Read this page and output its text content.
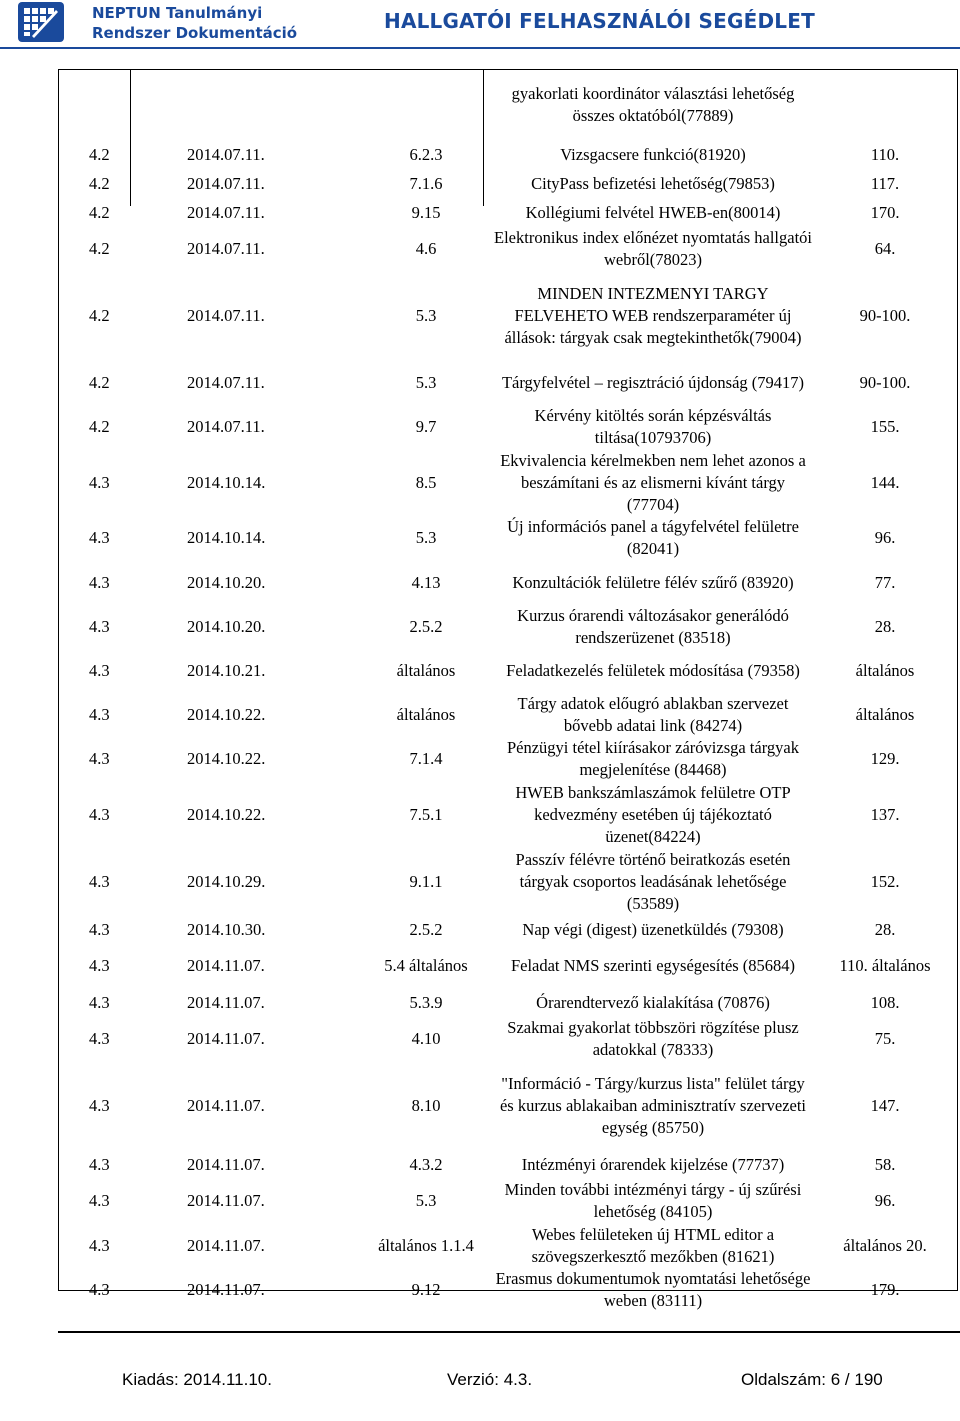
NEPTUN Tanulmányi
Rendszer Dokumentáció	HALLGATÓI FELHASZNÁLÓI SEGÉDLET
			gyakorlati koordinátor választási lehetőség összes oktatóból(77889)	
4.2	2014.07.11.	6.2.3	Vizsgacsere funkció(81920)	110.
4.2	2014.07.11.	7.1.6	CityPass befizetési lehetőség(79853)	117.
4.2	2014.07.11.	9.15	Kollégiumi felvétel HWEB-en(80014)	170.
4.2	2014.07.11.	4.6	Elektronikus index előnézet nyomtatás hallgatói webről(78023)	64.
4.2	2014.07.11.	5.3	MINDEN INTEZMENYI TARGY FELVEHETO WEB rendszerparaméter új állások: tárgyak csak megtekinthetők(79004)	90-100.
4.2	2014.07.11.	5.3	Tárgyfelvétel – regisztráció újdonság (79417)	90-100.
4.2	2014.07.11.	9.7	Kérvény kitöltés során képzésváltás tiltása(10793706)	155.
4.3	2014.10.14.	8.5	Ekvivalencia kérelmekben nem lehet azonos a beszámítani és az elismerni kívánt tárgy (77704)	144.
4.3	2014.10.14.	5.3	Új információs panel a tágyfelvétel felületre (82041)	96.
4.3	2014.10.20.	4.13	Konzultációk felületre félév szűrő (83920)	77.
4.3	2014.10.20.	2.5.2	Kurzus órarendi változásakor generálódó rendszerüzenet (83518)	28.
4.3	2014.10.21.	általános	Feladatkezelés felületek módosítása (79358)	általános
4.3	2014.10.22.	általános	Tárgy adatok előugró ablakban szervezet bővebb adatai link (84274)	általános
4.3	2014.10.22.	7.1.4	Pénzügyi tétel kiírásakor záróvizsga tárgyak megjelenítése (84468)	129.
4.3	2014.10.22.	7.5.1	HWEB bankszámlaszámok felületre OTP kedvezmény esetében új tájékoztató üzenet(84224)	137.
4.3	2014.10.29.	9.1.1	Passzív félévre történő beiratkozás esetén tárgyak csoportos leadásának lehetősége (53589)	152.
4.3	2014.10.30.	2.5.2	Nap végi (digest) üzenetküldés (79308)	28.
4.3	2014.11.07.	5.4 általános	Feladat NMS szerinti egységesítés (85684)	110. általános
4.3	2014.11.07.	5.3.9	Órarendtervező kialakítása (70876)	108.
4.3	2014.11.07.	4.10	Szakmai gyakorlat többszöri rögzítése plusz adatokkal (78333)	75.
4.3	2014.11.07.	8.10	"Információ - Tárgy/kurzus lista" felület tárgy és kurzus ablakaiban adminisztratív szervezeti egység (85750)	147.
4.3	2014.11.07.	4.3.2	Intézményi órarendek kijelzése (77737)	58.
4.3	2014.11.07.	5.3	Minden további intézményi tárgy - új szűrési lehetőség (84105)	96.
4.3	2014.11.07.	általános 1.1.4	Webes felületeken új HTML editor a szövegszerkesztő mezőkben (81621)	általános 20.
4.3	2014.11.07.	9.12	Erasmus dokumentumok nyomtatási lehetősége weben (83111)	179.
Kiadás: 2014.11.10.	Verzió: 4.3.	Oldalszám: 6 / 190
